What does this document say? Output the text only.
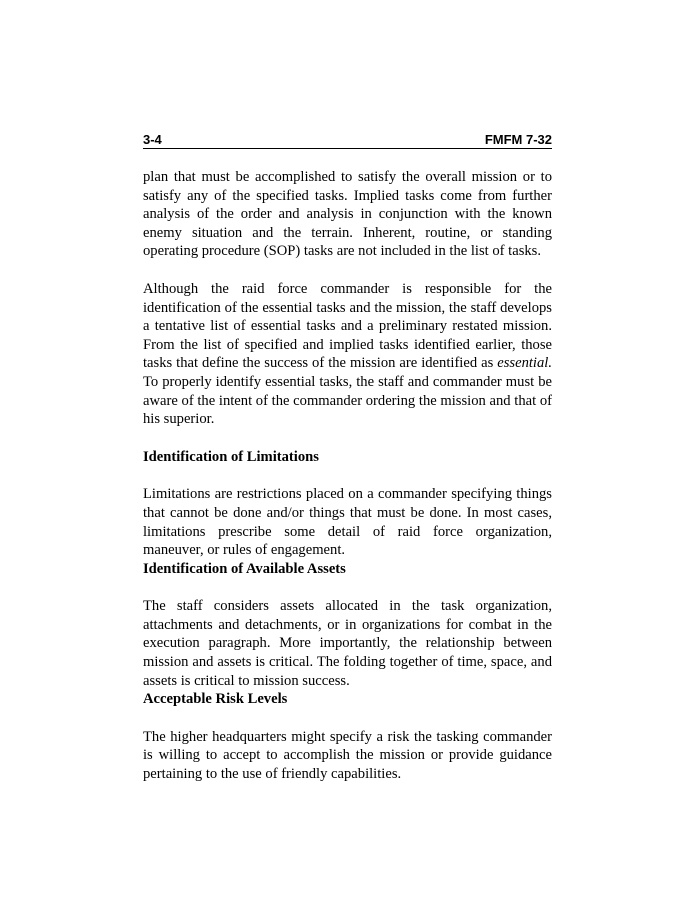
3-4	FMFM 7-32

plan that must be accomplished to satisfy the overall mission or to satisfy any of the specified tasks. Implied tasks come from further analysis of the order and analysis in conjunction with the known enemy situation and the terrain. Inherent, routine, or standing operating procedure (SOP) tasks are not included in the list of tasks.

Although the raid force commander is responsible for the identification of the essential tasks and the mission, the staff develops a tentative list of essential tasks and a preliminary restated mission. From the list of specified and implied tasks identified earlier, those tasks that define the success of the mission are identified as essential. To properly identify essential tasks, the staff and commander must be aware of the intent of the commander ordering the mission and that of his superior.

Identification of Limitations

Limitations are restrictions placed on a commander specifying things that cannot be done and/or things that must be done. In most cases, limitations prescribe some detail of raid force organization, maneuver, or rules of engagement.

Identification of Available Assets

The staff considers assets allocated in the task organization, attachments and detachments, or in organizations for combat in the execution paragraph. More importantly, the relationship between mission and assets is critical. The folding together of time, space, and assets is critical to mission success.

Acceptable Risk Levels

The higher headquarters might specify a risk the tasking commander is willing to accept to accomplish the mission or provide guidance pertaining to the use of friendly capabilities.
